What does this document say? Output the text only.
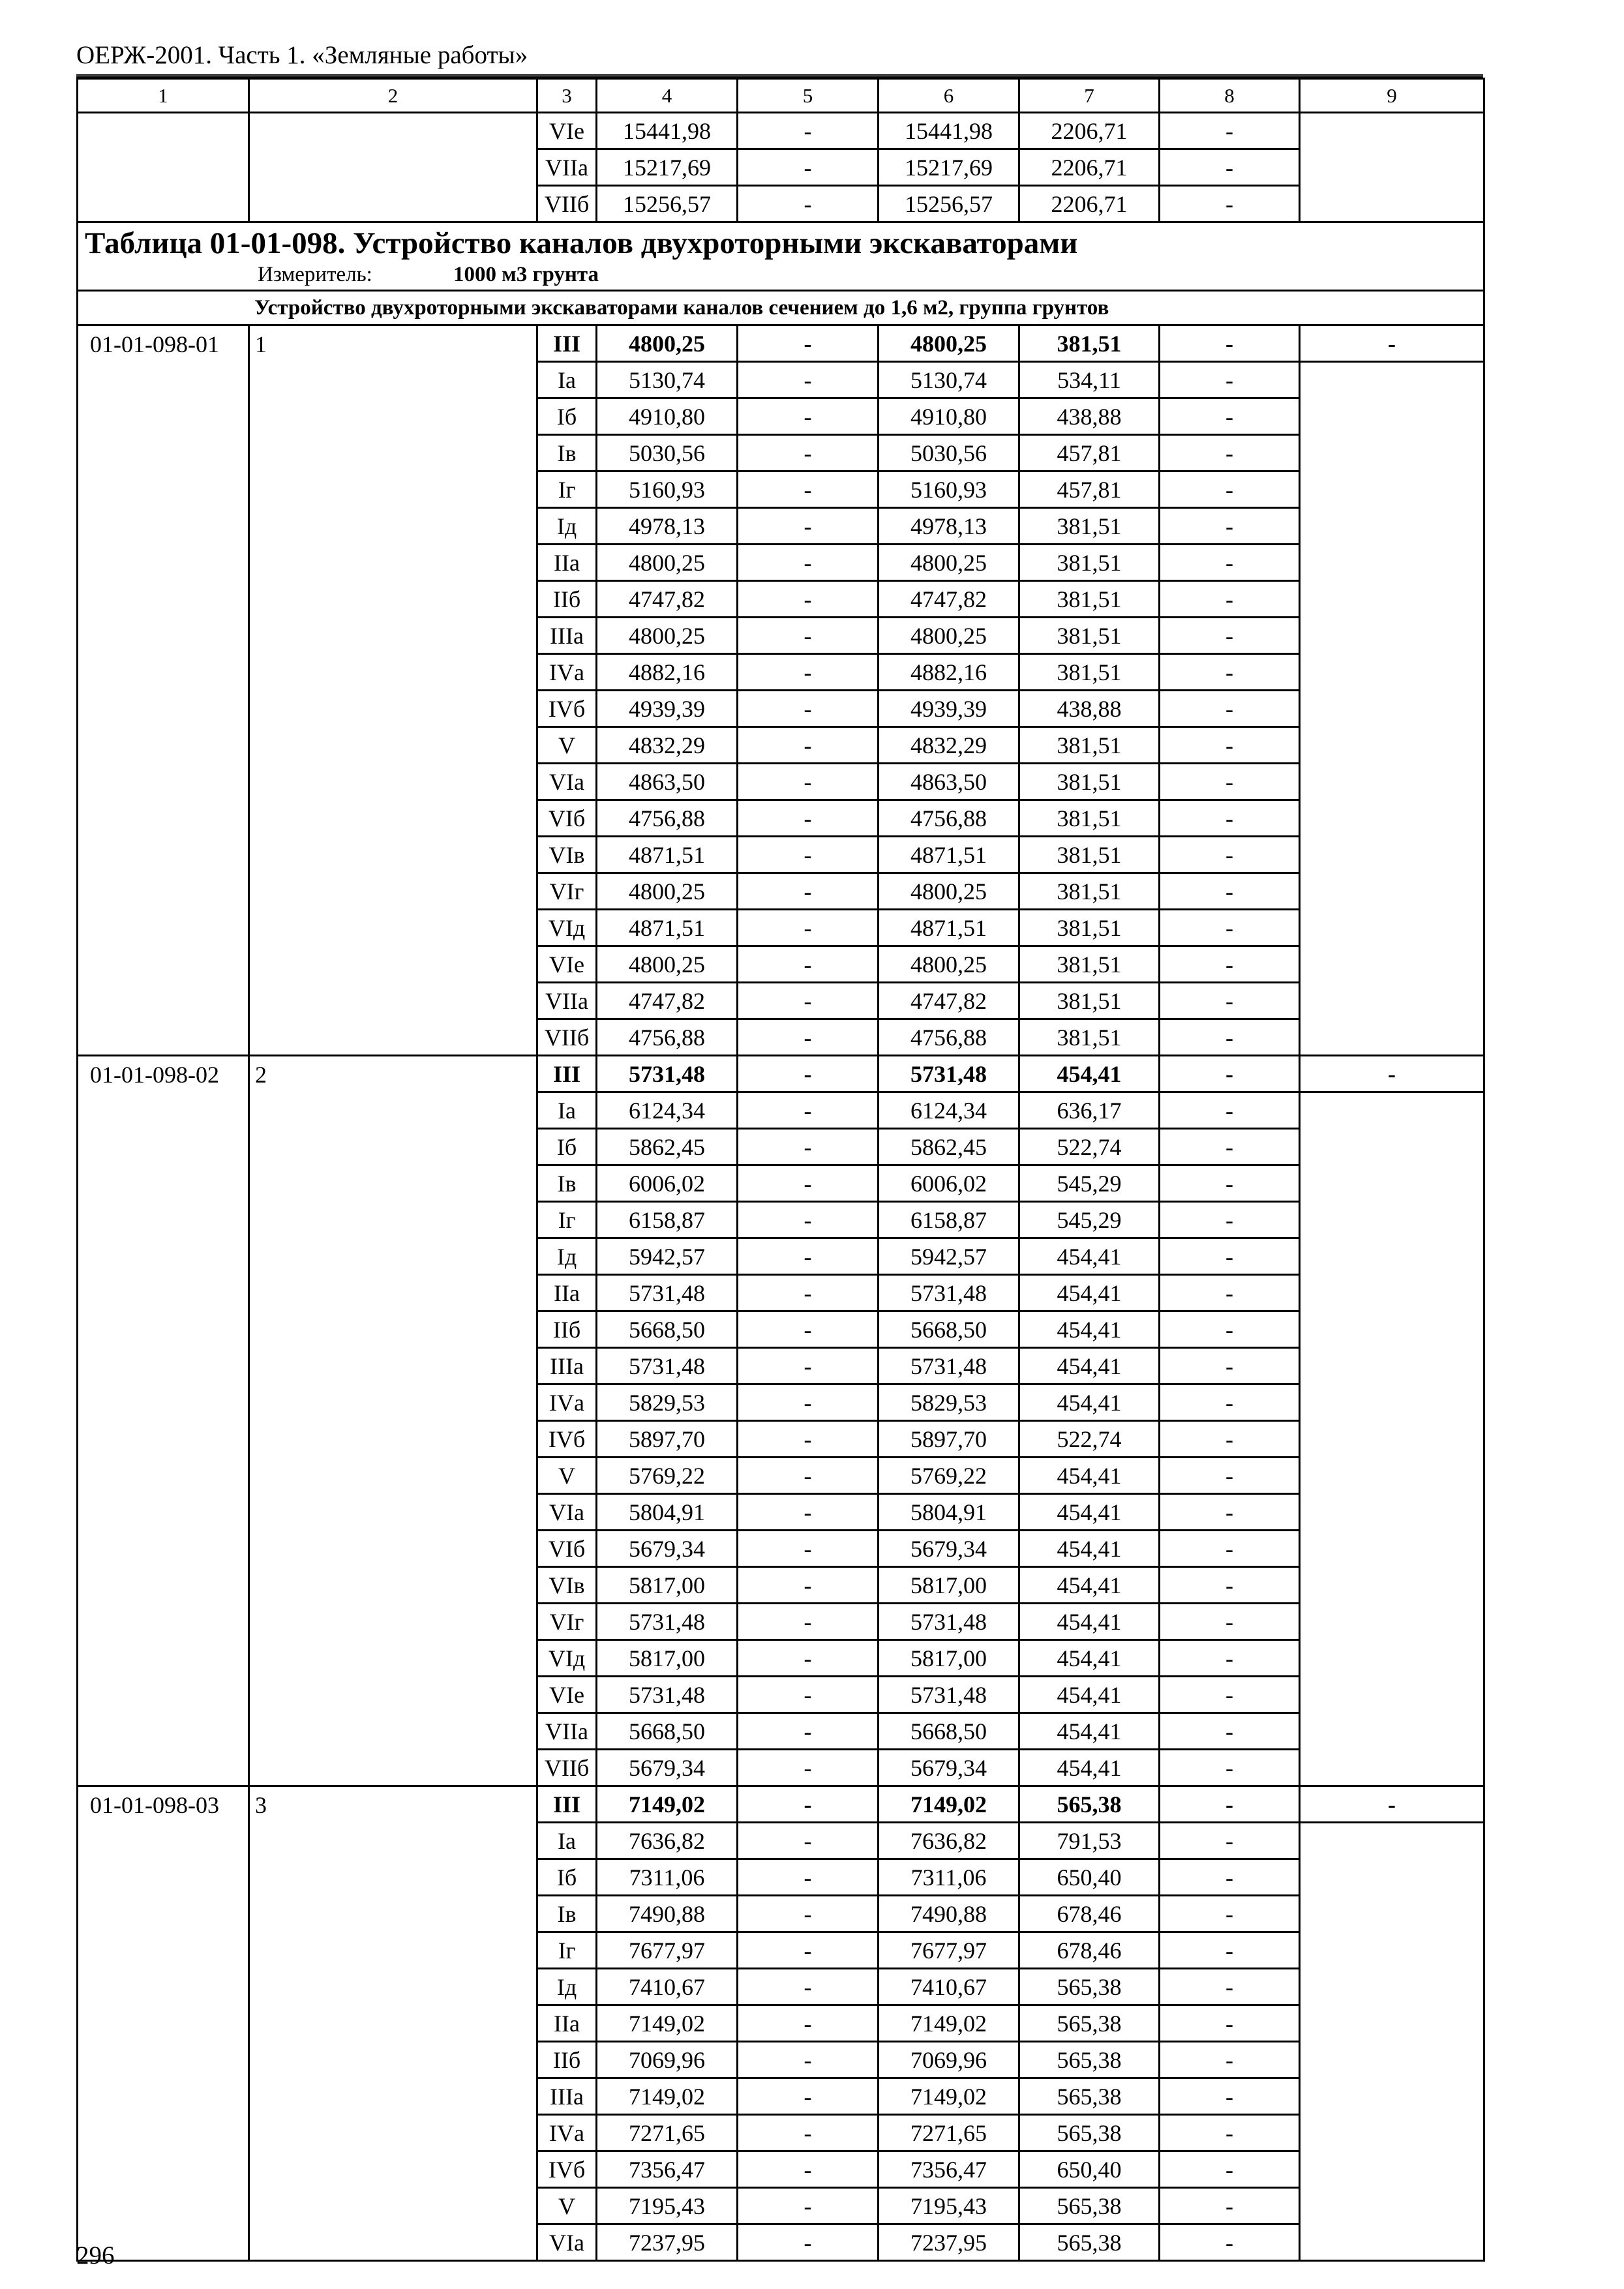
ОЕРЖ-2001. Часть 1. «Земляные работы»
1	2	3	4	5	6	7	8	9
		VIе	15441,98	-	15441,98	2206,71	-	
		VIIа	15217,69	-	15217,69	2206,71	-	
		VIIб	15256,57	-	15256,57	2206,71	-	

Таблица 01-01-098. Устройство каналов двухроторными экскаваторами
Измеритель: 1000 м3 грунта								

Устройство двухроторными экскаваторами каналов сечением до 1,6 м2, группа грунтов								
01-01-098-01	1	III	4800,25	-	4800,25	381,51	-	-
		Iа	5130,74	-	5130,74	534,11	-	
		Iб	4910,80	-	4910,80	438,88	-	
		Iв	5030,56	-	5030,56	457,81	-	
		Iг	5160,93	-	5160,93	457,81	-	
		Iд	4978,13	-	4978,13	381,51	-	
		IIа	4800,25	-	4800,25	381,51	-	
		IIб	4747,82	-	4747,82	381,51	-	
		IIIа	4800,25	-	4800,25	381,51	-	
		IVа	4882,16	-	4882,16	381,51	-	
		IVб	4939,39	-	4939,39	438,88	-	
		V	4832,29	-	4832,29	381,51	-	
		VIа	4863,50	-	4863,50	381,51	-	
		VIб	4756,88	-	4756,88	381,51	-	
		VIв	4871,51	-	4871,51	381,51	-	
		VIг	4800,25	-	4800,25	381,51	-	
		VIд	4871,51	-	4871,51	381,51	-	
		VIе	4800,25	-	4800,25	381,51	-	
		VIIа	4747,82	-	4747,82	381,51	-	
		VIIб	4756,88	-	4756,88	381,51	-	
01-01-098-02	2	III	5731,48	-	5731,48	454,41	-	-
		Iа	6124,34	-	6124,34	636,17	-	
		Iб	5862,45	-	5862,45	522,74	-	
		Iв	6006,02	-	6006,02	545,29	-	
		Iг	6158,87	-	6158,87	545,29	-	
		Iд	5942,57	-	5942,57	454,41	-	
		IIа	5731,48	-	5731,48	454,41	-	
		IIб	5668,50	-	5668,50	454,41	-	
		IIIа	5731,48	-	5731,48	454,41	-	
		IVа	5829,53	-	5829,53	454,41	-	
		IVб	5897,70	-	5897,70	522,74	-	
		V	5769,22	-	5769,22	454,41	-	
		VIа	5804,91	-	5804,91	454,41	-	
		VIб	5679,34	-	5679,34	454,41	-	
		VIв	5817,00	-	5817,00	454,41	-	
		VIг	5731,48	-	5731,48	454,41	-	
		VIд	5817,00	-	5817,00	454,41	-	
		VIе	5731,48	-	5731,48	454,41	-	
		VIIа	5668,50	-	5668,50	454,41	-	
		VIIб	5679,34	-	5679,34	454,41	-	
01-01-098-03	3	III	7149,02	-	7149,02	565,38	-	-
		Iа	7636,82	-	7636,82	791,53	-	
		Iб	7311,06	-	7311,06	650,40	-	
		Iв	7490,88	-	7490,88	678,46	-	
		Iг	7677,97	-	7677,97	678,46	-	
		Iд	7410,67	-	7410,67	565,38	-	
		IIа	7149,02	-	7149,02	565,38	-	
		IIб	7069,96	-	7069,96	565,38	-	
		IIIа	7149,02	-	7149,02	565,38	-	
		IVа	7271,65	-	7271,65	565,38	-	
		IVб	7356,47	-	7356,47	650,40	-	
		V	7195,43	-	7195,43	565,38	-	
		VIа	7237,95	-	7237,95	565,38	-	
296
